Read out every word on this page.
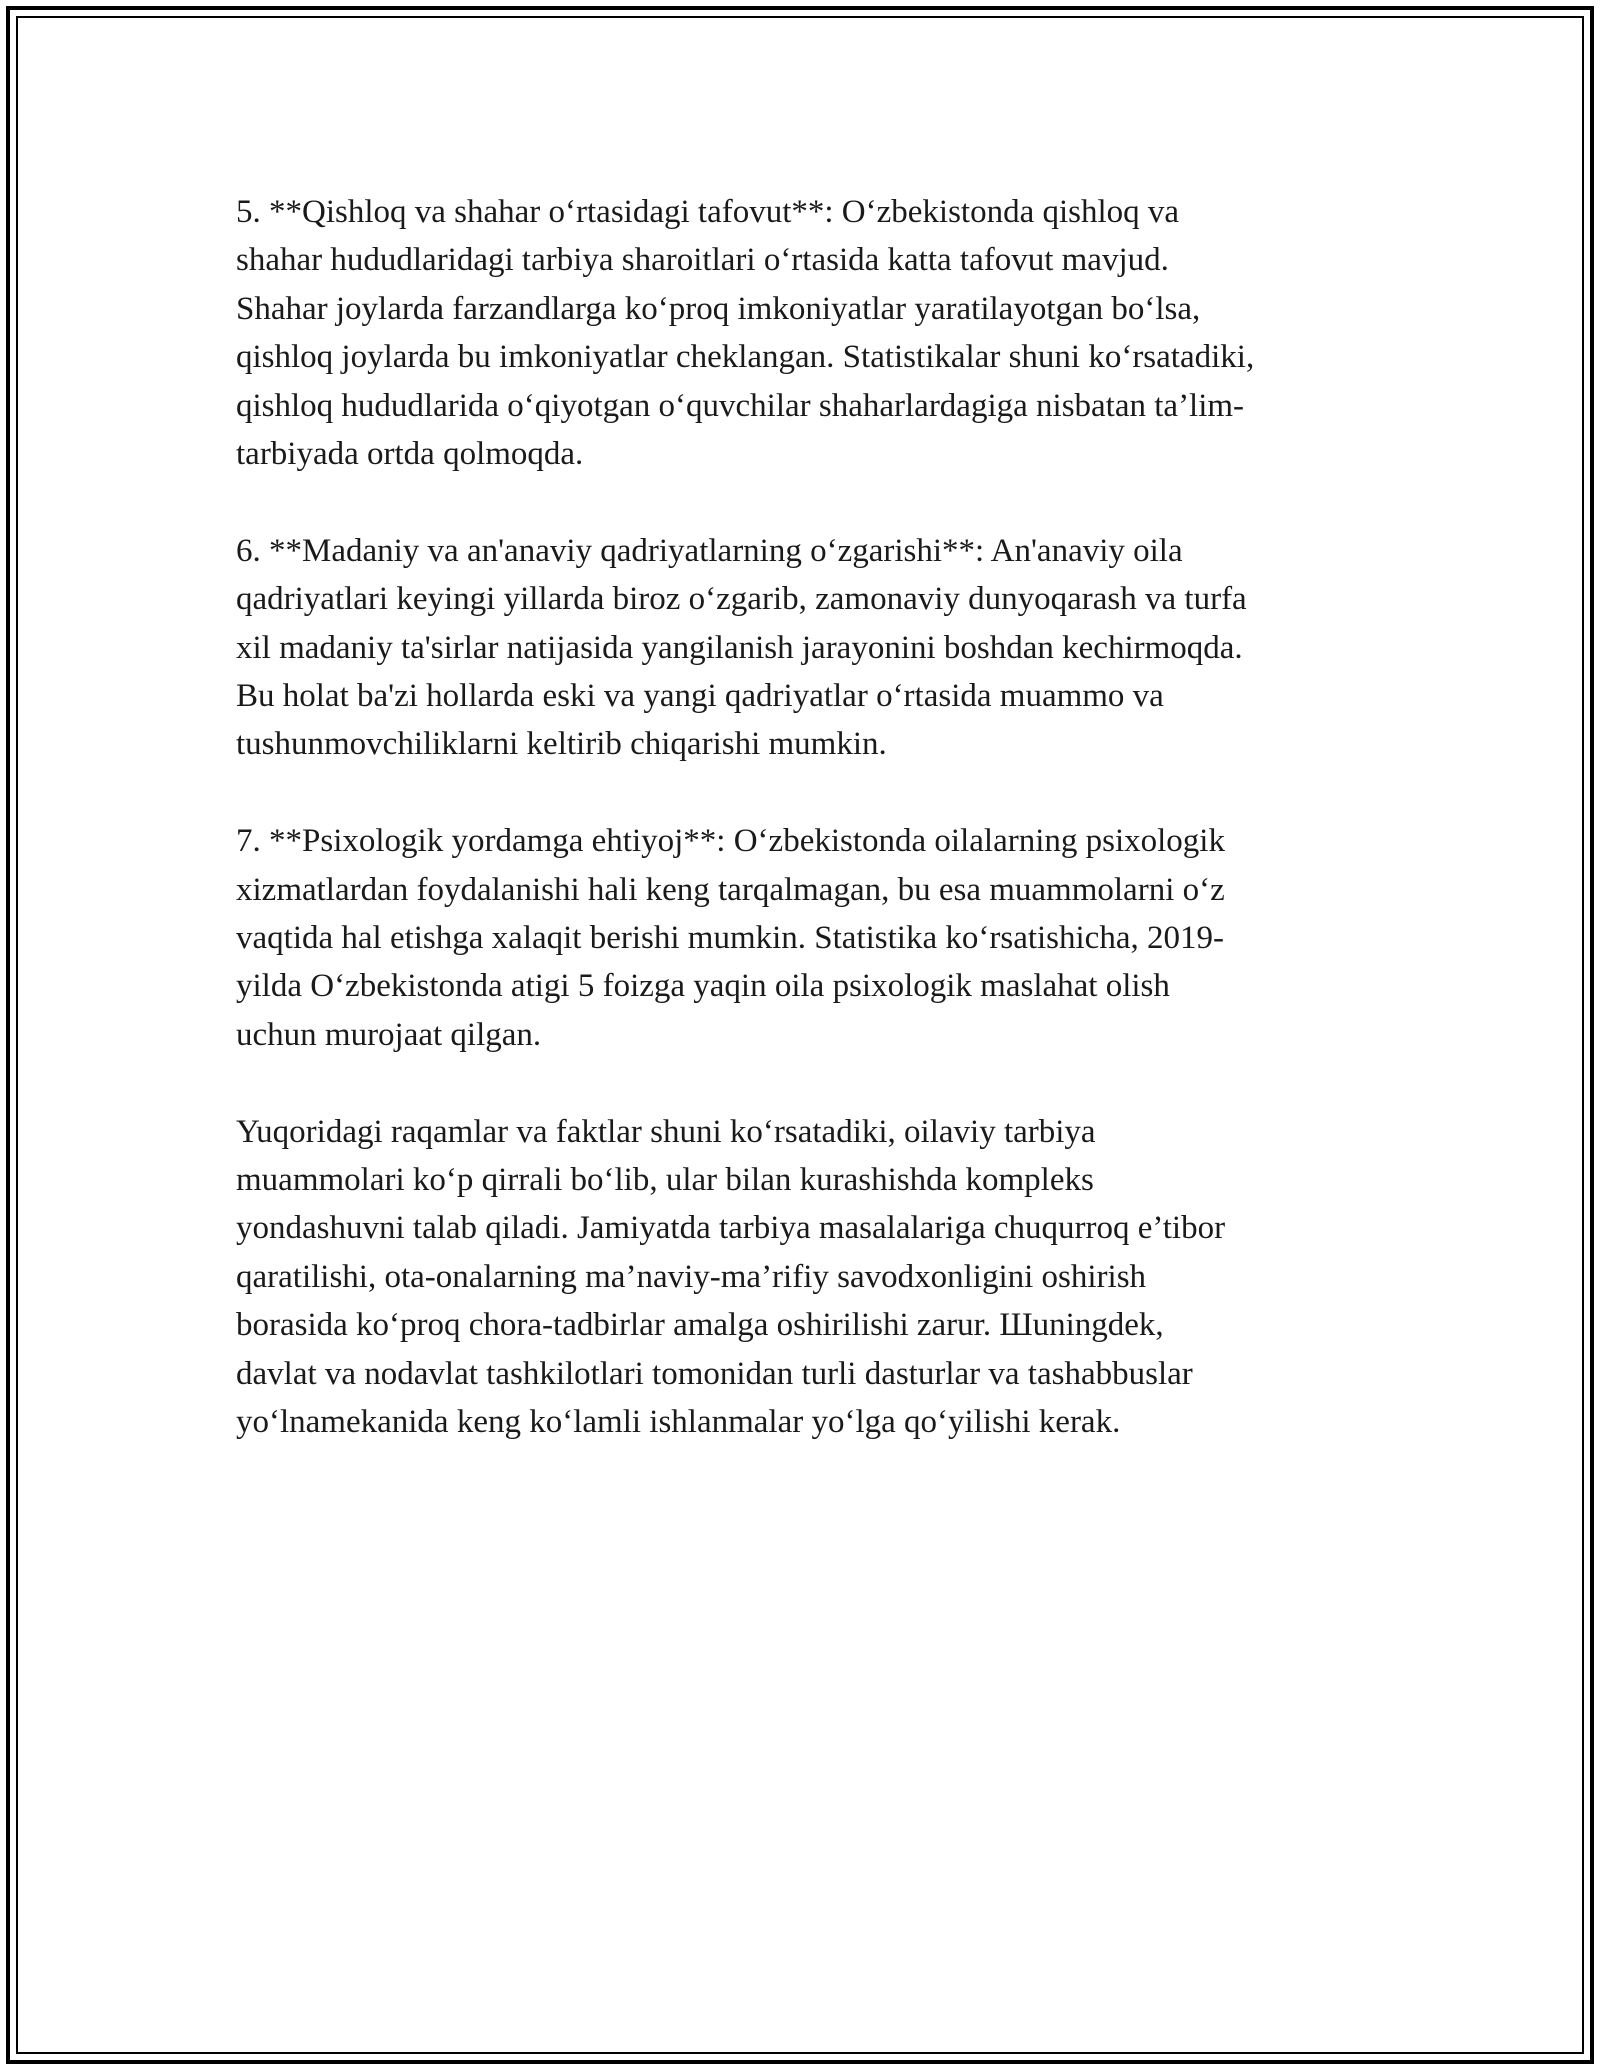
5. **Qishloq va shahar oʻrtasidagi tafovut**: Oʻzbekistonda qishloq va
shahar hududlaridagi tarbiya sharoitlari oʻrtasida katta tafovut mavjud.
Shahar joylarda farzandlarga koʻproq imkoniyatlar yaratilayotgan boʻlsa,
qishloq joylarda bu imkoniyatlar cheklangan. Statistikalar shuni koʻrsatadiki,
qishloq hududlarida oʻqiyotgan oʻquvchilar shaharlardagiga nisbatan ta’lim-
tarbiyada ortda qolmoqda.

6. **Madaniy va an'anaviy qadriyatlarning oʻzgarishi**: An'anaviy oila
qadriyatlari keyingi yillarda biroz oʻzgarib, zamonaviy dunyoqarash va turfa
xil madaniy ta'sirlar natijasida yangilanish jarayonini boshdan kechirmoqda.
Bu holat ba'zi hollarda eski va yangi qadriyatlar oʻrtasida muammo va
tushunmovchiliklarni keltirib chiqarishi mumkin.

7. **Psixologik yordamga ehtiyoj**: Oʻzbekistonda oilalarning psixologik
xizmatlardan foydalanishi hali keng tarqalmagan, bu esa muammolarni oʻz
vaqtida hal etishga xalaqit berishi mumkin. Statistika koʻrsatishicha, 2019-
yilda Oʻzbekistonda atigi 5 foizga yaqin oila psixologik maslahat olish
uchun murojaat qilgan.

Yuqoridagi raqamlar va faktlar shuni koʻrsatadiki, oilaviy tarbiya
muammolari koʻp qirrali boʻlib, ular bilan kurashishda kompleks
yondashuvni talab qiladi. Jamiyatda tarbiya masalalariga chuqurroq e’tibor
qaratilishi, ota-onalarning ma’naviy-ma’rifiy savodxonligini oshirish
borasida koʻproq chora-tadbirlar amalga oshirilishi zarur. Шuningdek,
davlat va nodavlat tashkilotlari tomonidan turli dasturlar va tashabbuslar
yoʻlnamekanida keng koʻlamli ishlanmalar yoʻlga qoʻyilishi kerak.
